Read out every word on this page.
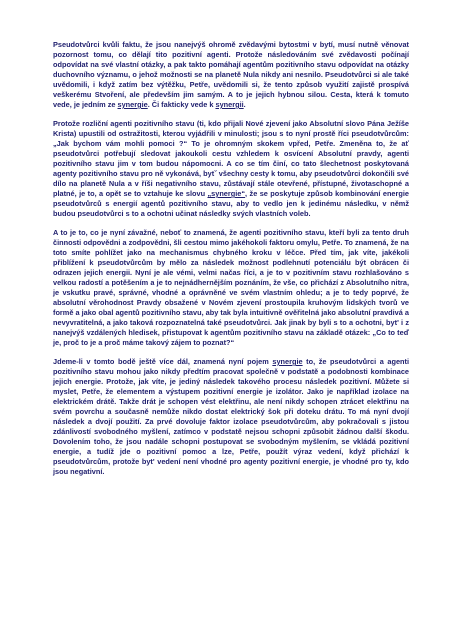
Pseudotvůrci kvůli faktu, že jsou nanejvýš ohromě zvědavými bytostmi v bytí, musí nutně věnovat pozornost tomu, co dělají tito pozitivní agenti. Protože následováním své zvědavosti počínají odpovídat na své vlastní otázky, a pak takto pomáhají agentům pozitivního stavu odpovídat na otázky duchovního významu, o jehož možnosti se na planetě Nula nikdy ani nesnilo. Pseudotvůrci si ale také uvědomili, i když zatím bez výtěžku, Petře, uvědomili si, že tento způsob využití zajistě prospívá veškerému Stvoření, ale především jim samým. A to je jejich hybnou silou. Cesta, která k tomuto vede, je jedním ze synergie. Či fakticky vede k synergii.

Protože rozliční agenti pozitivního stavu (ti, kdo přijali Nové zjevení jako Absolutní slovo Pána Ježíše Krista) upustili od ostražitosti, kterou vyjádřili v minulosti; jsou s to nyní prostě říci pseudotvůrcům: „Jak bychom vám mohli pomoci ?“ To je ohromným skokem vpřed, Petře. Zmeněna to, že ať pseudotvůrci potřebují sledovat jakoukoli cestu vzhledem k osvícení Absolutní pravdy, agenti pozitivního stavu jim v tom budou nápomocni. A co se tím činí, co tato šlechetnost poskytovaná agenty pozitivního stavu pro ně vykonává, bytˇ všechny cesty k tomu, aby pseudotvůrci dokončili své dílo na planetě Nula a v říši negativního stavu, zůstávají stále otevřené, přístupné, životaschopné a platné, je to, a opět se to vztahuje ke slovu „synergie“, že se poskytuje způsob kombinování energie pseudotvůrců s energií agentů pozitivního stavu, aby to vedlo jen k jedinému následku, v němž budou pseudotvůrci s to a ochotni učinat následky svých vlastních voleb.

A to je to, co je nyní závažné, neboť to znamená, že agenti pozitivního stavu, kteří byli za tento druh činnosti odpovědni a zodpovědni, šli cestou mimo jakéhokoli faktoru omylu, Petře. To znamená, že na toto smíte pohlížet jako na mechanismus chybného kroku v léčce. Před tím, jak víte, jakékoli přiblížení k pseudotvůrcům by mělo za následek možnost podlehnutí potenciálu být obrácen či odrazen jejich energii. Nyní je ale vémi, velmi načas říci, a je to v pozitivním stavu rozhlašováno s velkou radostí a potěšením a je to nejnádhernějším poznáním, že vše, co přichází z Absolutního nitra, je vskutku pravé, správné, vhodné a oprávněné ve svém vlastním ohledu; a je to tedy poprvé, že absolutní věrohodnost Pravdy obsažené v Novém zjevení prostoupila kruhovým lidských tvorů ve formě a jako obal agentů pozitivního stavu, aby tak byla intuitivně ověřitelná jako absolutní pravdivá a nevyvratitelná, a jako taková rozpoznatelná také pseudotvůrci. Jak jinak by byli s to a ochotni, byt' i z nanejvýš vzdálených hledisek, přistupovat k agentům pozitivního stavu na základě otázek: „Co to teď je, proč to je a proč máme takový zájem to poznat?“

Jdeme-li v tomto bodě ještě více dál, znamená nyní pojem synergie to, že pseudotvůrci a agenti pozitivního stavu mohou jako nikdy předtím pracovat společně v podstatě a podobnosti kombinace jejich energie. Protože, jak víte, je jediný následek takového procesu následek pozitivní. Můžete si myslet, Petře, že elementem a výstupem pozitivní energie je izolátor. Jako je například izolace na elektrickém drátě. Takže drát je schopen vést elektřinu, ale není nikdy schopen ztrácet elektřinu na svém povrchu a současně nemůže nikdo dostat elektrický šok při doteku drátu. To má nyní dvojí následek a dvojí použití. Za prvé dovoluje faktor izolace pseudotvůrcům, aby pokračovali s jistou zdánlivostí svobodného myšlení, zatímco v podstatě nejsou schopni způsobit žádnou další škodu. Dovolením toho, že jsou nadále schopni postupovat se svobodným myšlením, se vkládá pozitivní energie, a tudíž jde o pozitivní pomoc a lze, Petře, použít výraz vedení, když přichází k pseudotvůrcům, protože byt' vedení není vhodné pro agenty pozitivní energie, je vhodné pro ty, kdo jsou negativní.
